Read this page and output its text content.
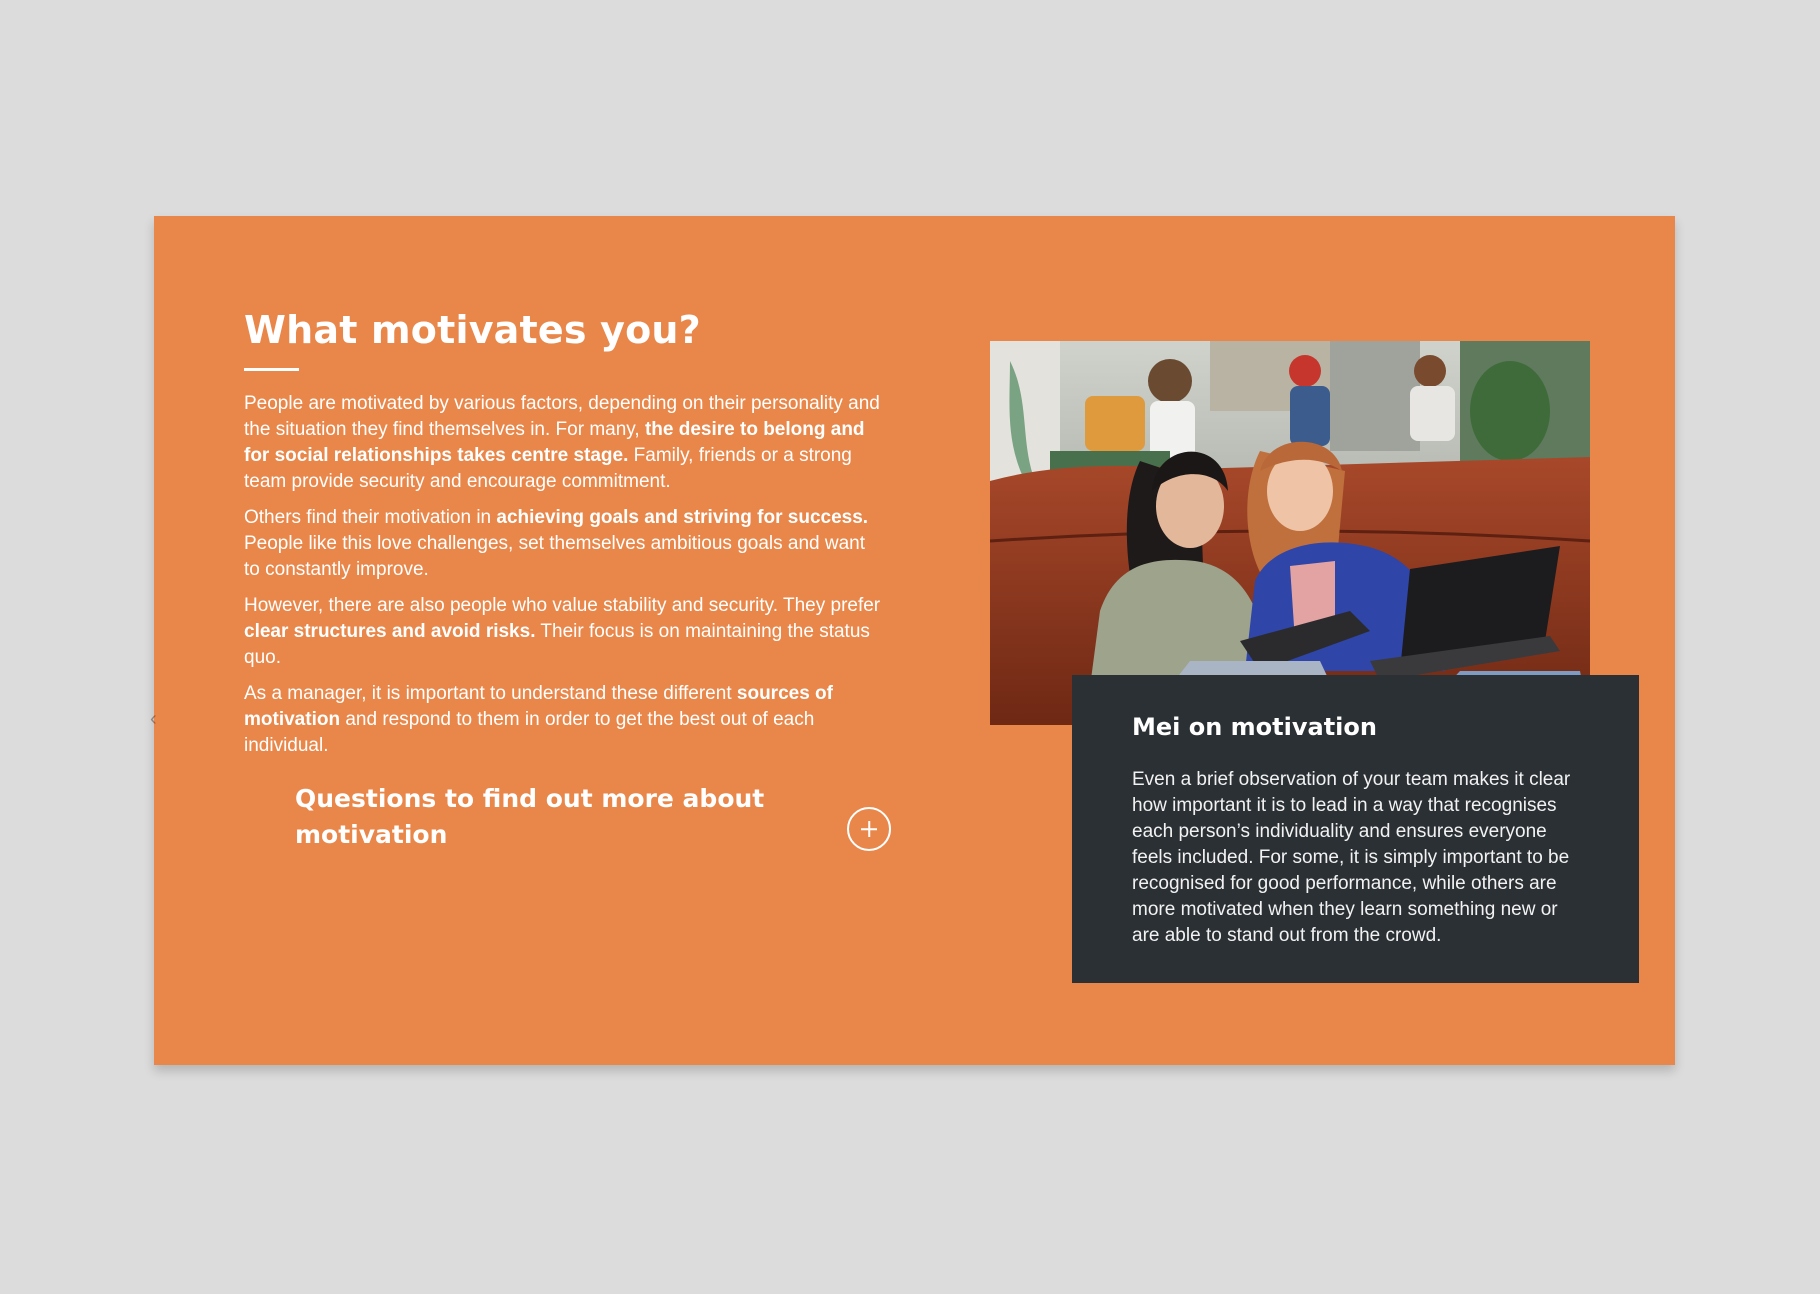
‹
What motivates you?

People are motivated by various factors, depending on their personality and the situation they find themselves in. For many, the desire to belong and for social relationships takes centre stage. Family, friends or a strong team provide security and encourage commitment.

Others find their motivation in achieving goals and striving for success. People like this love challenges, set themselves ambitious goals and want to constantly improve.

However, there are also people who value stability and security. They prefer clear structures and avoid risks. Their focus is on maintaining the status quo.

As a manager, it is important to understand these different sources of motivation and respond to them in order to get the best out of each individual.

Questions to find out more about motivation
Mei on motivation

Even a brief observation of your team makes it clear how important it is to lead in a way that recognises each person’s individuality and ensures everyone feels included. For some, it is simply important to be recognised for good performance, while others are more motivated when they learn something new or are able to stand out from the crowd.
